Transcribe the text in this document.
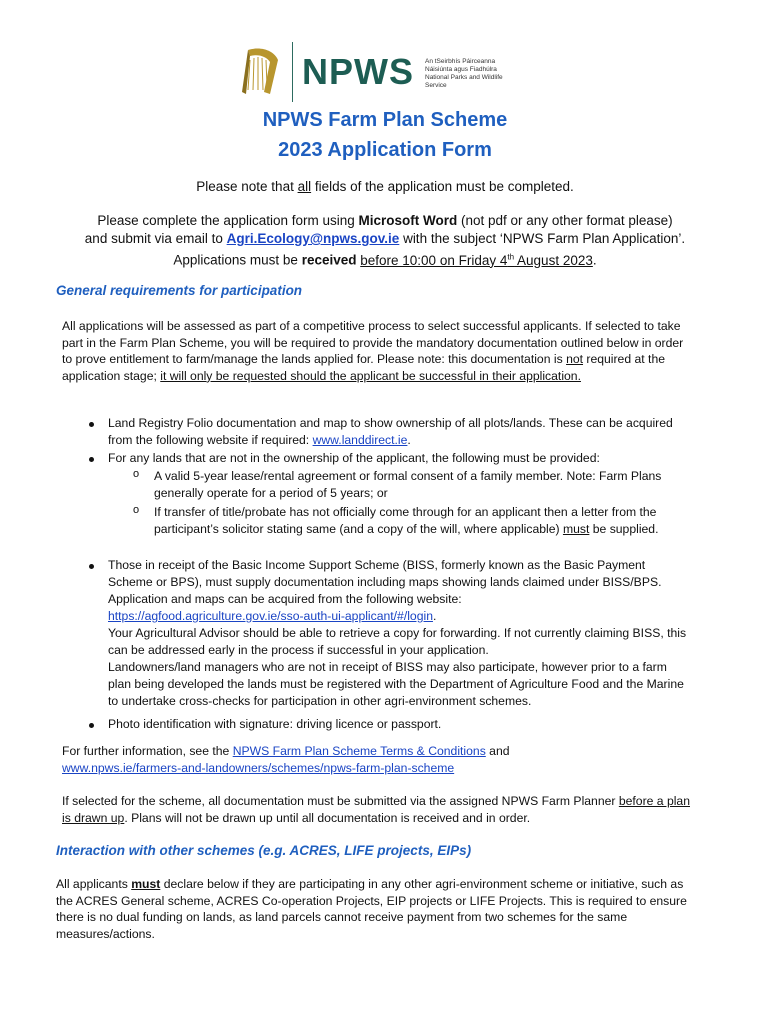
NPWS An tSeirbhís Páirceanna
Náisiúnta agus Fiadhúlra
National Parks and Wildlife
Service
NPWS Farm Plan Scheme
2023 Application Form
Please note that all fields of the application must be completed.
Please complete the application form using Microsoft Word (not pdf or any other format please)
and submit via email to Agri.Ecology@npws.gov.ie with the subject ‘NPWS Farm Plan Application’.
Applications must be received before 10:00 on Friday 4th August 2023.
General requirements for participation
All applications will be assessed as part of a competitive process to select successful applicants. If selected to take part in the Farm Plan Scheme, you will be required to provide the mandatory documentation outlined below in order to prove entitlement to farm/manage the lands applied for. Please note: this documentation is not required at the application stage; it will only be requested should the applicant be successful in their application.
Land Registry Folio documentation and map to show ownership of all plots/lands. These can be acquired from the following website if required: www.landdirect.ie.
For any lands that are not in the ownership of the applicant, the following must be provided:
o A valid 5-year lease/rental agreement or formal consent of a family member. Note: Farm Plans generally operate for a period of 5 years; or
o If transfer of title/probate has not officially come through for an applicant then a letter from the participant’s solicitor stating same (and a copy of the will, where applicable) must be supplied.
Those in receipt of the Basic Income Support Scheme (BISS, formerly known as the Basic Payment Scheme or BPS), must supply documentation including maps showing lands claimed under BISS/BPS. Application and maps can be acquired from the following website:
https://agfood.agriculture.gov.ie/sso-auth-ui-applicant/#/login.
Your Agricultural Advisor should be able to retrieve a copy for forwarding. If not currently claiming BISS, this can be addressed early in the process if successful in your application.
Landowners/land managers who are not in receipt of BISS may also participate, however prior to a farm plan being developed the lands must be registered with the Department of Agriculture Food and the Marine to undertake cross-checks for participation in other agri-environment schemes.
Photo identification with signature: driving licence or passport.
For further information, see the NPWS Farm Plan Scheme Terms & Conditions and
www.npws.ie/farmers-and-landowners/schemes/npws-farm-plan-scheme
If selected for the scheme, all documentation must be submitted via the assigned NPWS Farm Planner before a plan is drawn up. Plans will not be drawn up until all documentation is received and in order.
Interaction with other schemes (e.g. ACRES, LIFE projects, EIPs)
All applicants must declare below if they are participating in any other agri-environment scheme or initiative, such as the ACRES General scheme, ACRES Co-operation Projects, EIP projects or LIFE Projects. This is required to ensure there is no dual funding on lands, as land parcels cannot receive payment from two schemes for the same measures/actions.
